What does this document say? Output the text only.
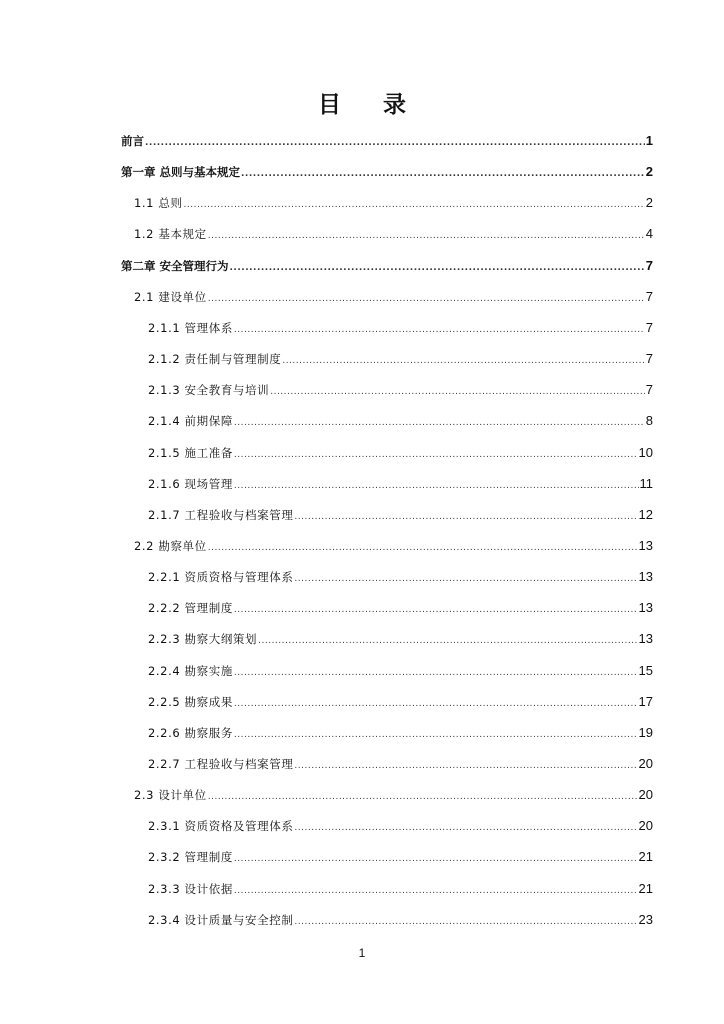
目 录
前言 .....	1
第一章 总则与基本规定 .....	2
1.1 总则 .....	2
1.2 基本规定 .....	4
第二章 安全管理行为 .....	7
2.1 建设单位 .....	7
2.1.1 管理体系 .....	7
2.1.2 责任制与管理制度 .....	7
2.1.3 安全教育与培训 .....	7
2.1.4 前期保障 .....	8
2.1.5 施工准备 .....	10
2.1.6 现场管理 .....	11
2.1.7 工程验收与档案管理 .....	12
2.2 勘察单位 .....	13
2.2.1 资质资格与管理体系 .....	13
2.2.2 管理制度 .....	13
2.2.3 勘察大纲策划 .....	13
2.2.4 勘察实施 .....	15
2.2.5 勘察成果 .....	17
2.2.6 勘察服务 .....	19
2.2.7 工程验收与档案管理 .....	20
2.3 设计单位 .....	20
2.3.1 资质资格及管理体系 .....	20
2.3.2 管理制度 .....	21
2.3.3 设计依据 .....	21
2.3.4 设计质量与安全控制 .....	23
1
